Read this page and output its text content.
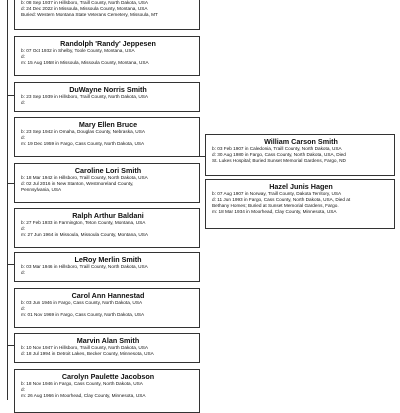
b: 08 Sep 1937 in Hillsboro, Traill County, North Dakota, USA
d: 24 Dec 2022 in Missoula, Missoula County, Montana, USA
Buried: Western Montana State Veterans Cemetery, Missoula, MT
Randolph 'Randy' Jeppesen
b: 07 Oct 1932 in Shelby, Toole County, Montana, USA
d:
m: 15 Aug 1958 in Missoula, Missoula County, Montana, USA
DuWayne Norris Smith
b: 23 Sep 1939 in Hillsboro, Traill County, North Dakota, USA
d:
Mary Ellen Bruce
b: 23 Sep 1942 in Omaha, Douglas County, Nebraska, USA
d:
m: 19 Dec 1959 in Fargo, Cass County, North Dakota, USA
Caroline Lori Smith
b: 18 Mar 1942 in Hillsboro, Traill County, North Dakota, USA
d: 02 Jul 2016 in New Stanton, Westmoreland County,
Pennsylvania, USA
Ralph Arthur Baldani
b: 27 Feb 1933 in Farmington, Teton County, Montana, USA
d:
m: 27 Jun 1964 in Missoula, Missoula County, Montana, USA
LeRoy Merlin Smith
b: 03 Mar 1946 in Hillsboro, Traill County, North Dakota, USA
d:
Carol Ann Hannestad
b: 03 Jun 1946 in Fargo, Cass County, North Dakota, USA
d:
m: 01 Nov 1969 in Fargo, Cass County, North Dakota, USA
Marvin Alan Smith
b: 10 Nov 1947 in Hillsboro, Traill County, North Dakota, USA
d: 18 Jul 1994 in Detroit Lakes, Becker County, Minnesota, USA
Carolyn Paulette Jacobson
b: 18 Nov 1946 in Fargo, Cass County, North Dakota, USA
d:
m: 26 Aug 1966 in Moorhead, Clay County, Minnesota, USA
William Carson Smith
b: 03 Feb 1907 in Caledonia, Traill County, North Dakota, USA
d: 30 Aug 1980 in Fargo, Cass County, North Dakota, USA, Died
St. Lukes Hospital; Buried Sunset Memorial Gardens, Fargo, ND
Hazel Junis Hagen
b: 07 Aug 1907 in Norway, Traill County, Dakota Territory, USA
d: 11 Jun 1993 in Fargo, Cass County, North Dakota, USA, Died at
Bethany Homes; Buried at Sunset Memorial Gardens, Fargo.
m: 18 Mar 1934 in Moorhead, Clay County, Minnesota, USA
